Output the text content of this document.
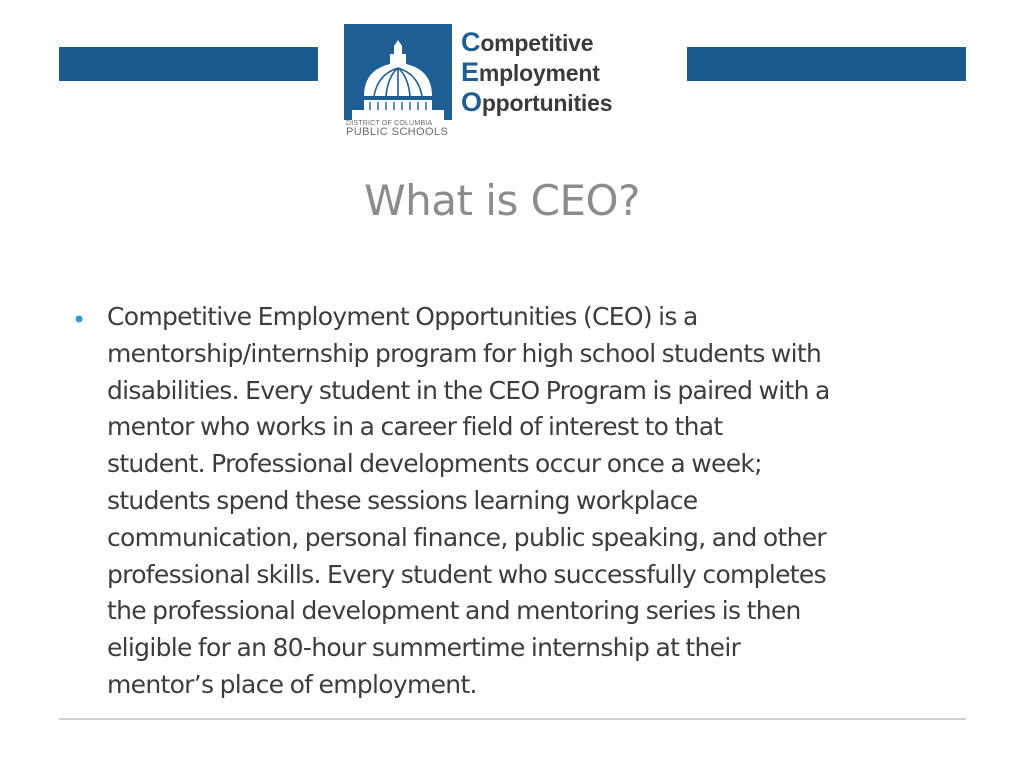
Competitive
Employment
Opportunities
DISTRICT OF COLUMBIA
PUBLIC SCHOOLS
What is CEO?
• Competitive Employment Opportunities (CEO) is a
mentorship/internship program for high school students with
disabilities. Every student in the CEO Program is paired with a
mentor who works in a career field of interest to that
student. Professional developments occur once a week;
students spend these sessions learning workplace
communication, personal finance, public speaking, and other
professional skills. Every student who successfully completes
the professional development and mentoring series is then
eligible for an 80-hour summertime internship at their
mentor’s place of employment.
